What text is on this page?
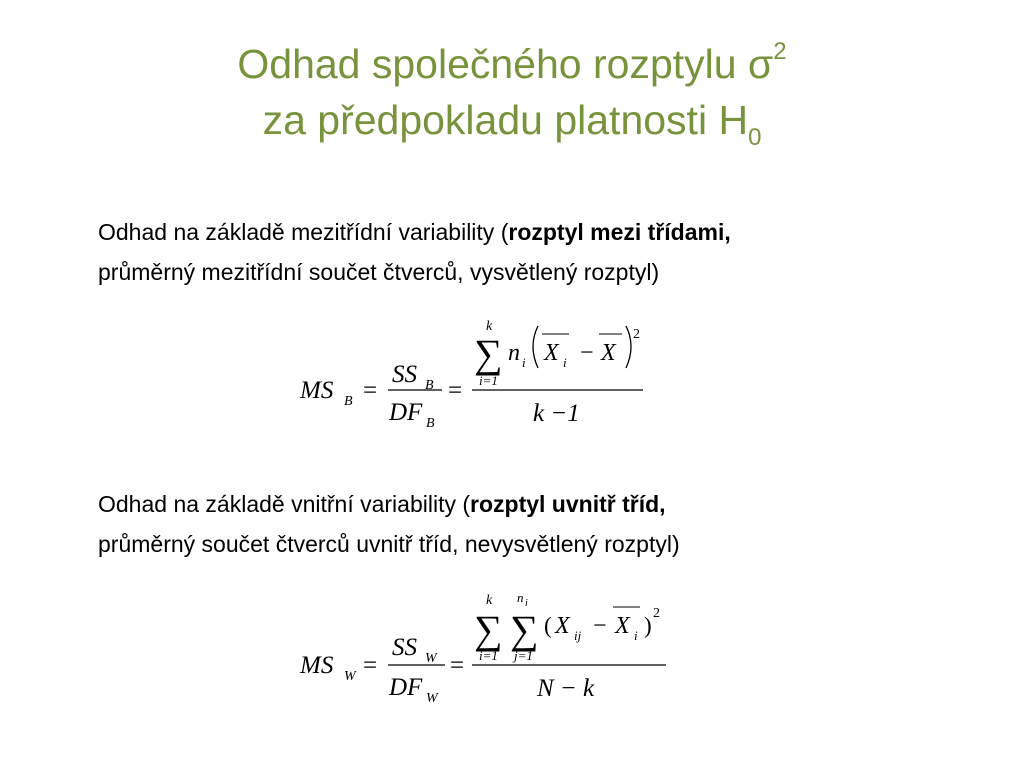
Odhad společného rozptylu $\sigma^2$
za předpokladu platnosti $H_0$
Odhad na základě mezitřídní variability (rozptyl mezi třídami,
průměrný mezitřídní součet čtverců, vysvětlený rozptyl)
MS B =
SS B
DF B
=
k
∑
i=1
n i X i − X
2
k −1
Odhad na základě vnitřní variability (rozptyl uvnitř tříd,
průměrný součet čtverců uvnitř tříd, nevysvětlený rozptyl)
MS W =
SS W
DF W
=
k
∑
i=1
n i
∑
j=1
( X ij − X i ) 2
N − k
